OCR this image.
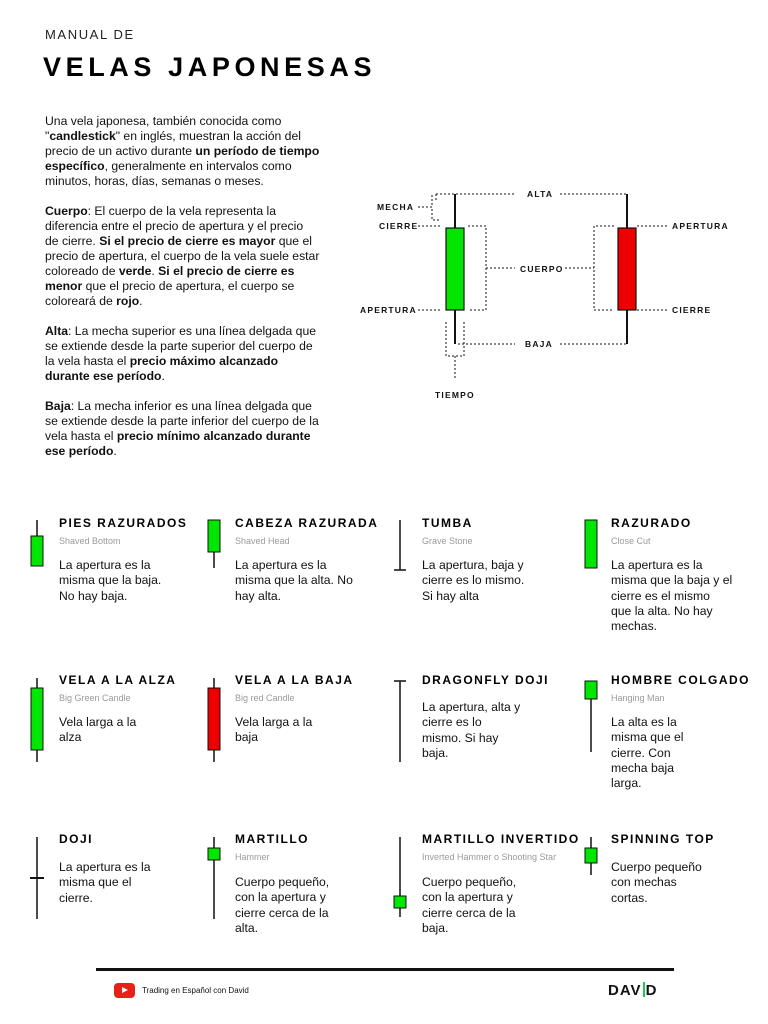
MANUAL DE
VELAS JAPONESAS

Una vela japonesa, también conocida como "candlestick" en inglés, muestran la acción del precio de un activo durante un período de tiempo específico, generalmente en intervalos como minutos, horas, días, semanas o meses.

Cuerpo: El cuerpo de la vela representa la diferencia entre el precio de apertura y el precio de cierre. Si el precio de cierre es mayor que el precio de apertura, el cuerpo de la vela suele estar coloreado de verde. Si el precio de cierre es menor que el precio de apertura, el cuerpo se coloreará de rojo.

Alta: La mecha superior es una línea delgada que se extiende desde la parte superior del cuerpo de la vela hasta el precio máximo alcanzado durante ese período.

Baja: La mecha inferior es una línea delgada que se extiende desde la parte inferior del cuerpo de la vela hasta el precio mínimo alcanzado durante ese período.

MECHA
CIERRE
APERTURA
TIEMPO
ALTA
CUERPO
BAJA
APERTURA
CIERRE
PIES RAZURADOS
Shaved Bottom
La apertura es la misma que la baja. No hay baja.
CABEZA RAZURADA
Shaved Head
La apertura es la misma que la alta. No hay alta.
TUMBA
Grave Stone
La apertura, baja y cierre es lo mismo. Si hay alta
RAZURADO
Close Cut
La apertura es la misma que la baja y el cierre es el mismo que la alta. No hay mechas.
VELA A LA ALZA
Big Green Candle
Vela larga a la alza
VELA A LA BAJA
Big red Candle
Vela larga a la baja
DRAGONFLY DOJI
La apertura, alta y cierre es lo mismo. Si hay baja.
HOMBRE COLGADO
Hanging Man
La alta es la misma que el cierre. Con mecha baja larga.
DOJI
La apertura es la misma que el cierre.
MARTILLO
Hammer
Cuerpo pequeño, con la apertura y cierre cerca de la alta.
MARTILLO INVERTIDO
Inverted Hammer o Shooting Star
Cuerpo pequeño, con la apertura y cierre cerca de la baja.
SPINNING TOP
Cuerpo pequeño con mechas cortas.
Trading en Español con David	DAV D
